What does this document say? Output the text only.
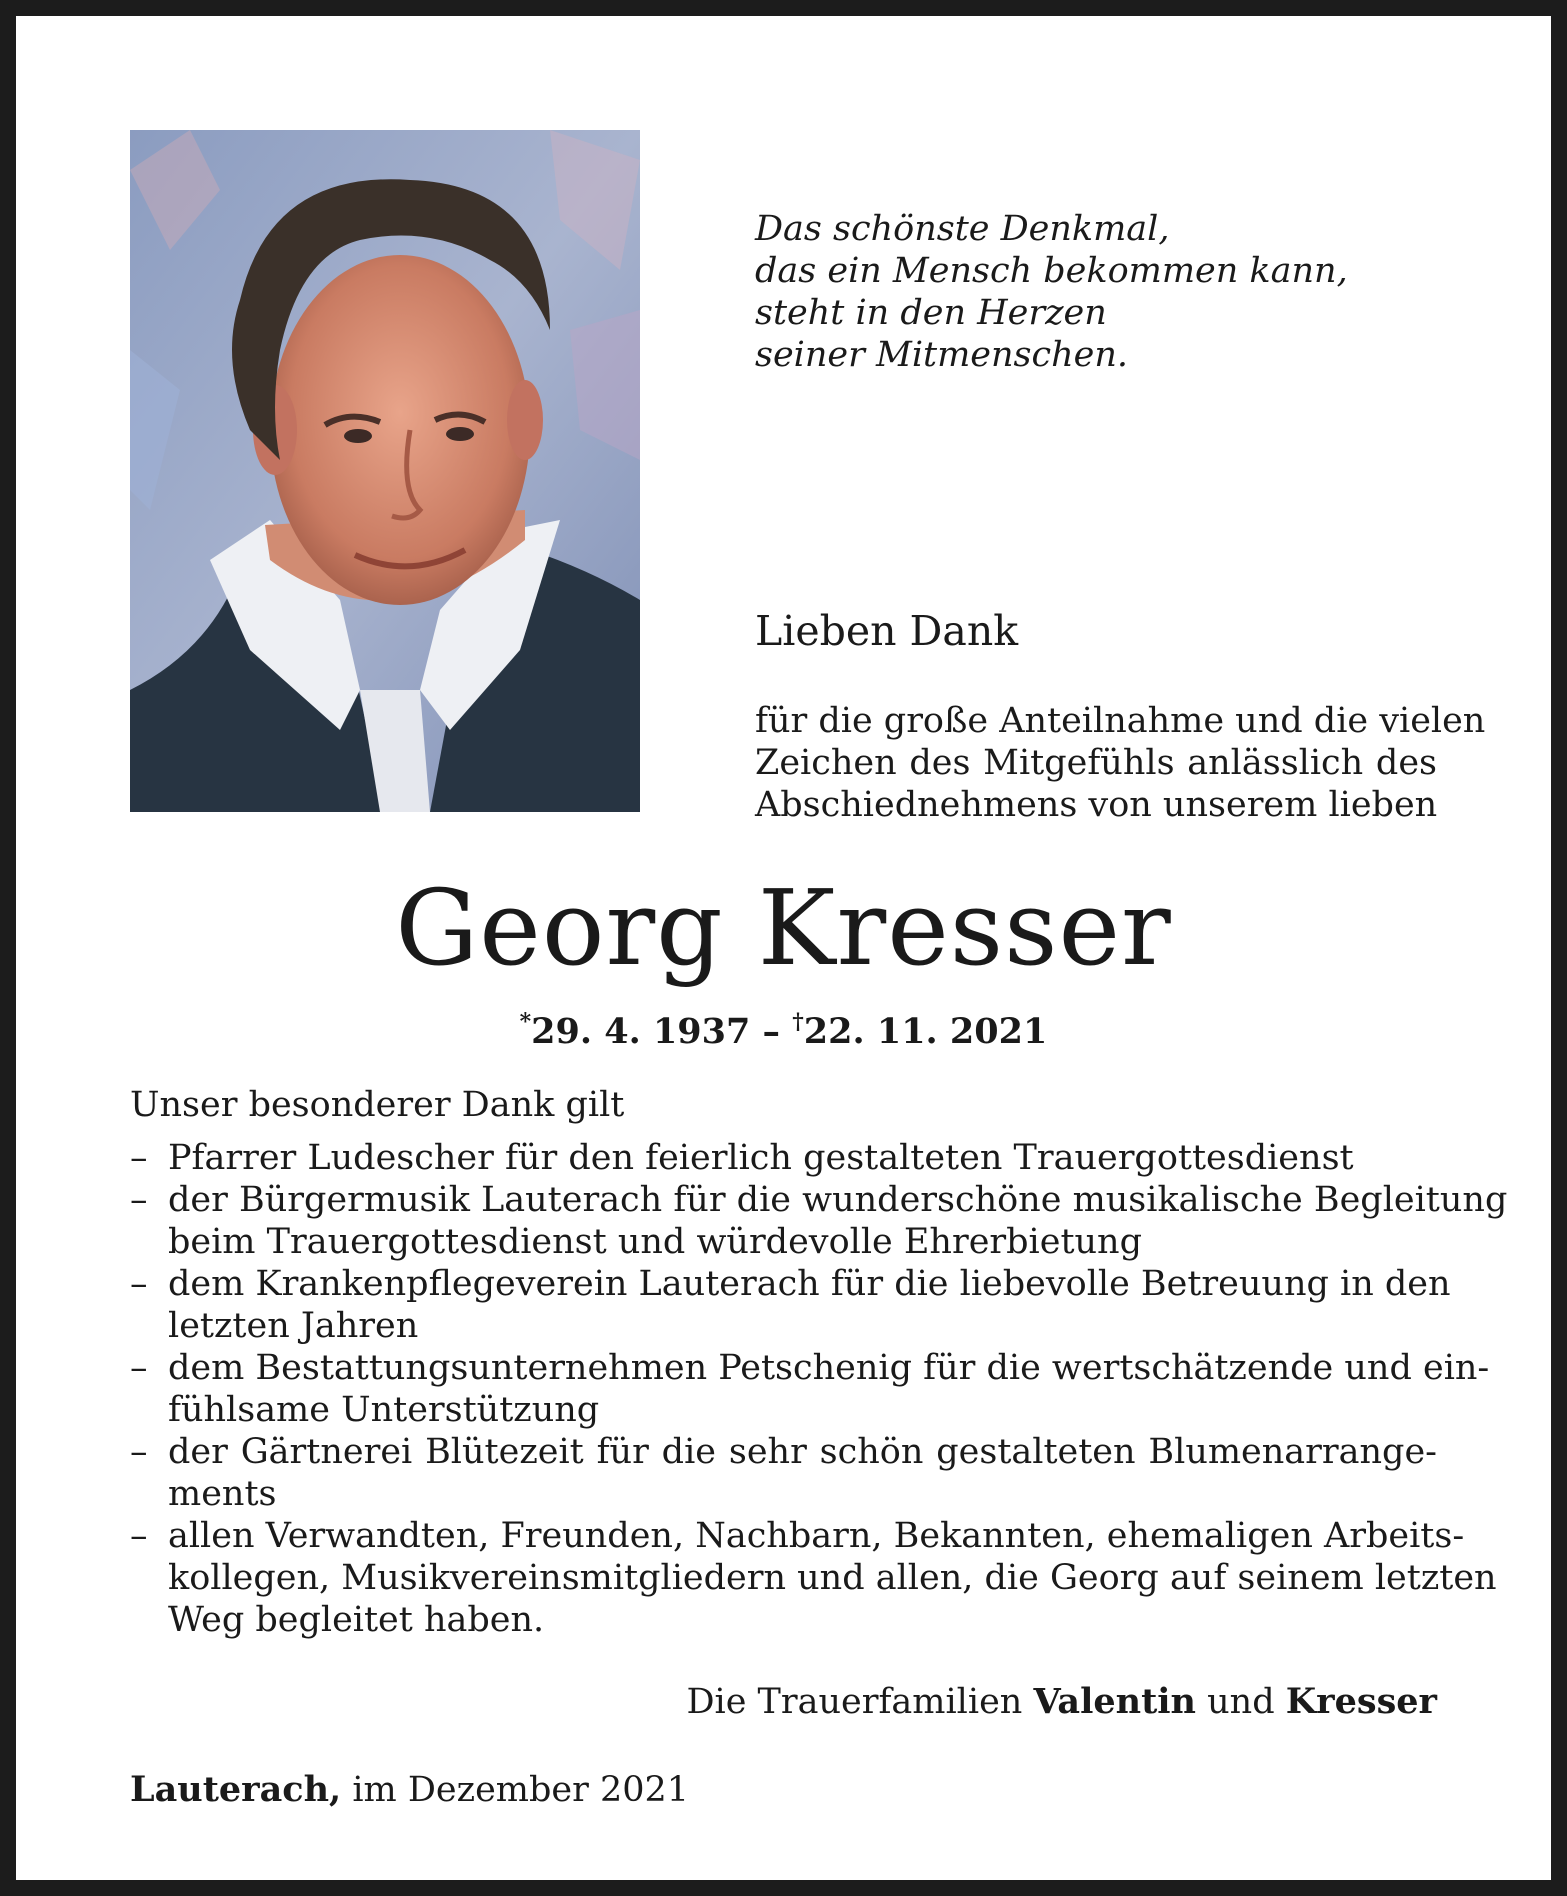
Das schönste Denkmal,
das ein Mensch bekommen kann,
steht in den Herzen
seiner Mitmenschen.
Lieben Dank
für die große Anteilnahme und die vielen
Zeichen des Mitgefühls anlässlich des
Abschiednehmens von unserem lieben
Georg Kresser
*29. 4. 1937 – †22. 11. 2021
Unser besonderer Dank gilt
– Pfarrer Ludescher für den feierlich gestalteten Trauergottesdienst
– der Bürgermusik Lauterach für die wunderschöne musikalische Begleitung
beim Trauergottesdienst und würdevolle Ehrerbietung
– dem Krankenpflegeverein Lauterach für die liebevolle Betreuung in den
letzten Jahren
– dem Bestattungsunternehmen Petschenig für die wertschätzende und ein-
fühlsame Unterstützung
– der Gärtnerei Blütezeit für die sehr schön gestalteten Blumenarrange-
ments
– allen Verwandten, Freunden, Nachbarn, Bekannten, ehemaligen Arbeits-
kollegen, Musikvereinsmitgliedern und allen, die Georg auf seinem letzten
Weg begleitet haben.
Die Trauerfamilien Valentin und Kresser
Lauterach, im Dezember 2021
